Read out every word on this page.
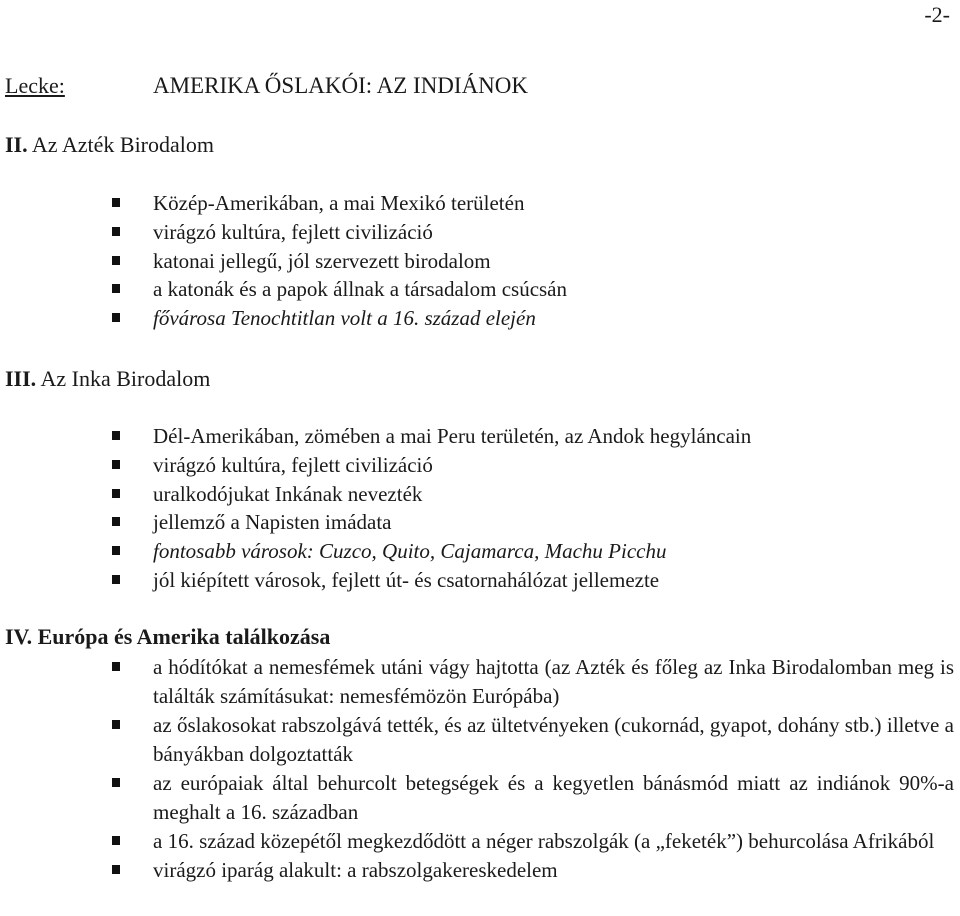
-2-
Lecke:	AMERIKA ŐSLAKÓI: AZ INDIÁNOK
II. Az Azték Birodalom
Közép-Amerikában, a mai Mexikó területén
virágzó kultúra, fejlett civilizáció
katonai jellegű, jól szervezett birodalom
a katonák és a papok állnak a társadalom csúcsán
fővárosa Tenochtitlan volt a 16. század elején
III. Az Inka Birodalom
Dél-Amerikában, zömében a mai Peru területén, az Andok hegyláncain
virágzó kultúra, fejlett civilizáció
uralkodójukat Inkának nevezték
jellemző a Napisten imádata
fontosabb városok: Cuzco, Quito, Cajamarca, Machu Picchu
jól kiépített városok, fejlett út- és csatornahálózat jellemezte
IV. Európa és Amerika találkozása
a hódítókat a nemesfémek utáni vágy hajtotta (az Azték és főleg az Inka Birodalomban meg is találták számításukat: nemesfémözön Európába)
az őslakosokat rabszolgává tették, és az ültetvényeken (cukornád, gyapot, dohány stb.) illetve a bányákban dolgoztatták
az európaiak által behurcolt betegségek és a kegyetlen bánásmód miatt az indiánok 90%-a meghalt a 16. században
a 16. század közepétől megkezdődött a néger rabszolgák (a „feketék”) behurcolása Afrikából
virágzó iparág alakult: a rabszolgakereskedelem
